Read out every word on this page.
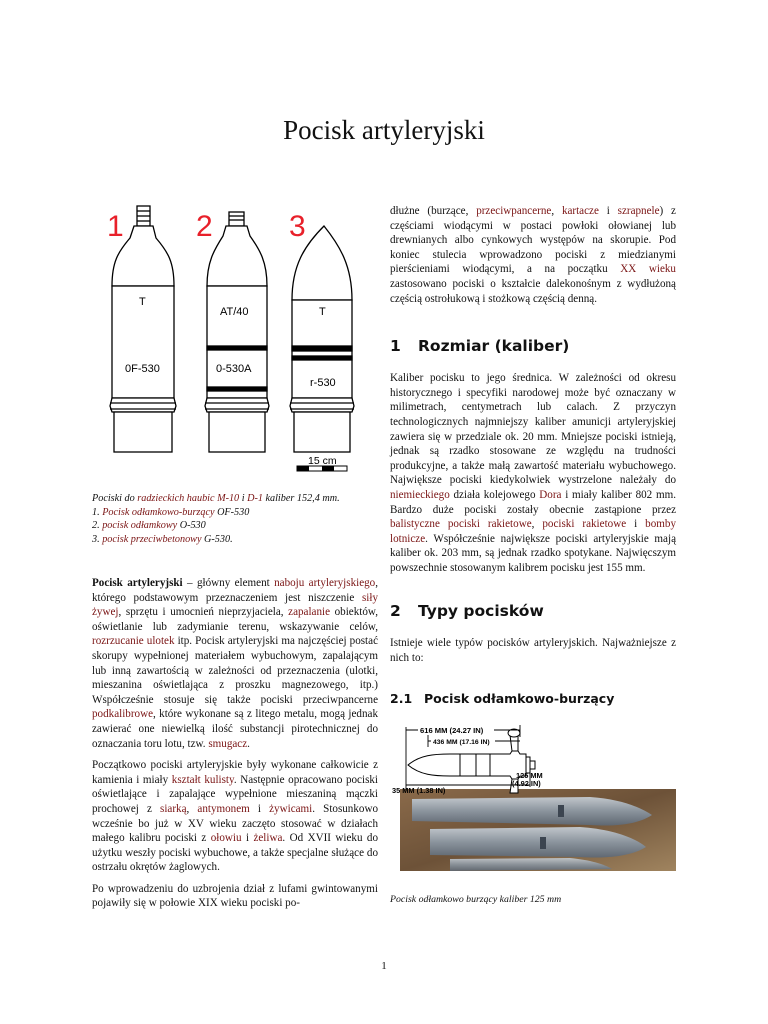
Pocisk artyleryjski
1 2	3
T
0F-530
AT/40
0-530A
T
r-530
15 cm

Pociski do radzieckich haubic M-10 i D-1 kaliber 152,4 mm.
1. Pocisk odłamkowo-burzący OF-530
2. pocisk odłamkowy O-530
3. pocisk przeciwbetonowy G-530.

Pocisk artyleryjski – główny element naboju artyleryjskiego, którego podstawowym przeznaczeniem jest niszczenie siły żywej, sprzętu i umocnień nieprzyjaciela, zapalanie obiektów, oświetlanie lub zadymianie terenu, wskazywanie celów, rozrzucanie ulotek itp. Pocisk artyleryjski ma najczęściej postać skorupy wypełnionej materiałem wybuchowym, zapalającym lub inną zawartością w zależności od przeznaczenia (ulotki, mieszanina oświetlająca z proszku magnezowego, itp.) Współcześnie stosuje się także pociski przeciwpancerne podkalibrowe, które wykonane są z litego metalu, mogą jednak zawierać one niewielką ilość substancji pirotechnicznej do oznaczania toru lotu, tzw. smugacz.

Początkowo pociski artyleryjskie były wykonane całkowicie z kamienia i miały kształt kulisty. Następnie opracowano pociski oświetlające i zapalające wypełnione mieszaniną mączki prochowej z siarką, antymonem i żywicami. Stosunkowo wcześnie bo już w XV wieku zaczęto stosować w działach małego kalibru pociski z ołowiu i żeliwa. Od XVII wieku do użytku weszły pociski wybuchowe, a także specjalne służące do ostrzału okrętów żaglowych.

Po wprowadzeniu do uzbrojenia dział z lufami gwintowanymi pojawiły się w połowie XIX wieku pociski po-

dłużne (burzące, przeciwpancerne, kartacze i szrapnele) z częściami wiodącymi w postaci powłoki ołowianej lub drewnianych albo cynkowych występów na skorupie. Pod koniec stulecia wprowadzono pociski z miedzianymi pierścieniami wiodącymi, a na początku XX wieku zastosowano pociski o kształcie dalekonośnym z wydłużoną częścią ostrołukową i stożkową częścią denną.

1 Rozmiar (kaliber)

Kaliber pocisku to jego średnica. W zależności od okresu historycznego i specyfiki narodowej może być oznaczany w milimetrach, centymetrach lub calach. Z przyczyn technologicznych najmniejszy kaliber amunicji artyleryjskiej zawiera się w przedziale ok. 20 mm. Mniejsze pociski istnieją, jednak są rzadko stosowane ze względu na trudności produkcyjne, a także małą zawartość materiału wybuchowego. Największe pociski kiedykolwiek wystrzelone należały do niemieckiego działa kolejowego Dora i miały kaliber 802 mm. Bardzo duże pociski zostały obecnie zastąpione przez balistyczne pociski rakietowe, pociski rakietowe i bomby lotnicze. Współcześnie największe pociski artyleryjskie mają kaliber ok. 203 mm, są jednak rzadko spotykane. Najwięcszym powszechnie stosowanym kalibrem pocisku jest 155 mm.

2 Typy pocisków

Istnieje wiele typów pocisków artyleryjskich. Najważniejsze z nich to:

2.1 Pocisk odłamkowo-burzący
616 MM (24.27 IN)
436 MM (17.16 IN)
125 MM
(4.92 IN)
35 MM (1.38 IN)

Pocisk odłamkowo burzący kaliber 125 mm

1
